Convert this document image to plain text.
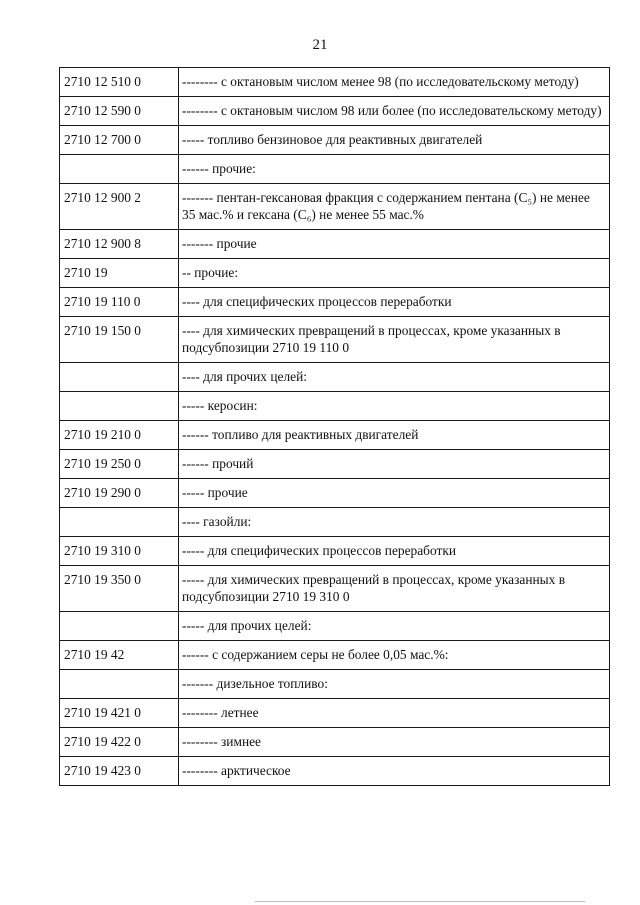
21
2710 12 510 0	-------- с октановым числом менее 98 (по исследовательскому методу)
2710 12 590 0	-------- с октановым числом 98 или более (по исследовательскому методу)
2710 12 700 0	----- топливо бензиновое для реактивных двигателей
	------ прочие:
2710 12 900 2	------- пентан-гексановая фракция с содержанием пентана (C₅) не менее 35 мас.% и гексана (C₆) не менее 55 мас.%
2710 12 900 8	------- прочие
2710 19	-- прочие:
2710 19 110 0	---- для специфических процессов переработки
2710 19 150 0	---- для химических превращений в процессах, кроме указанных в подсубпозиции 2710 19 110 0
	---- для прочих целей:
	----- керосин:
2710 19 210 0	------ топливо для реактивных двигателей
2710 19 250 0	------ прочий
2710 19 290 0	----- прочие
	---- газойли:
2710 19 310 0	----- для специфических процессов переработки
2710 19 350 0	----- для химических превращений в процессах, кроме указанных в подсубпозиции 2710 19 310 0
	----- для прочих целей:
2710 19 42	------ с содержанием серы не более 0,05 мас.%:
	------- дизельное топливо:
2710 19 421 0	-------- летнее
2710 19 422 0	-------- зимнее
2710 19 423 0	-------- арктическое
